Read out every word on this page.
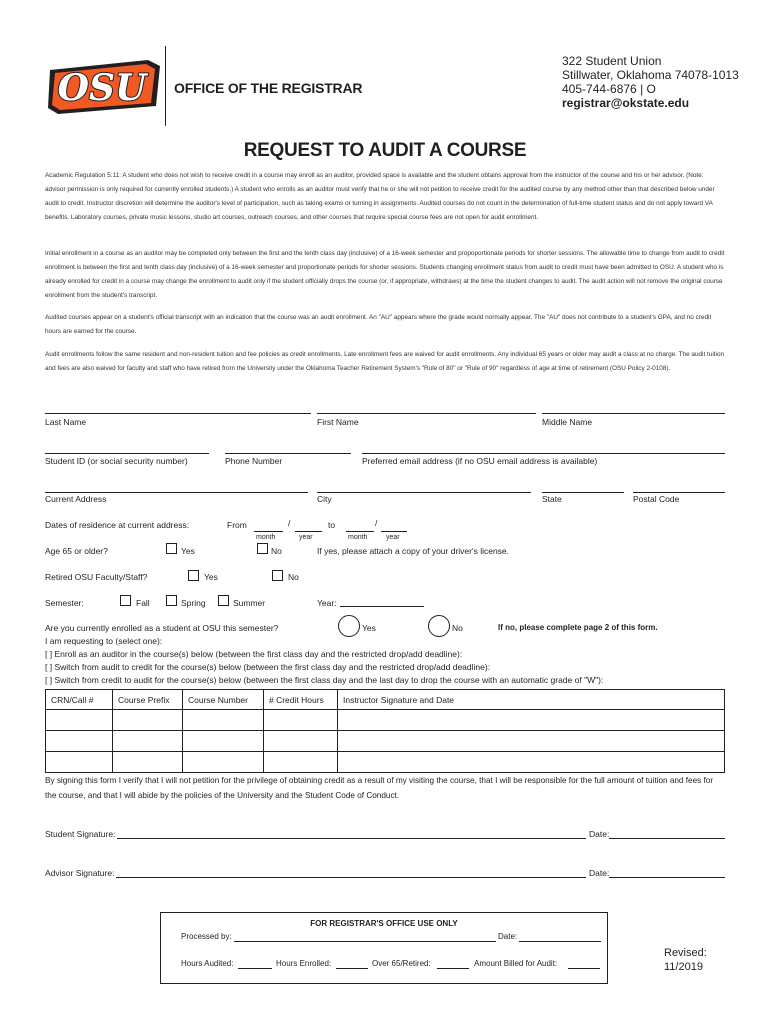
OSU OFFICE OF THE REGISTRAR
322 Student Union
Stillwater, Oklahoma 74078-1013
405-744-6876 | O
registrar@okstate.edu
REQUEST TO AUDIT A COURSE
Academic Regulation 5.11: A student who does not wish to receive credit in a course may enroll as an auditor, provided space is available and the student obtains approval from the instructor of the course and his or her advisor. (Note: advisor permission is only required for currently enrolled students.) A student who enrolls as an auditor must verify that he or she will not petition to receive credit for the audited course by any method other than that described below under audit to credit. Instructor discretion will determine the auditor's level of participation, such as taking exams or turning in assignments. Audited courses do not count in the determination of full-time student status and do not apply toward VA benefits. Laboratory courses, private music lessons, studio art courses, outreach courses, and other courses that require special course fees are not open for audit enrollment.
Initial enrollment in a course as an auditor may be completed only between the first and the tenth class day (inclusive) of a 16-week semester and propoportionate periods for shorter sessions. The allowable time to change from audit to credit enrollment is between the first and tenth class day (inclusive) of a 16-week semester and proportionate periods for shorter sessions. Students changing enrollment status from audit to credit must have been admitted to OSU. A student who is already enrolled for credit in a course may change the enrollment to audit only if the student officially drops the course (or, if appropriate, withdraws) at the time the student changes to audit. The audit action will not remove the original course enrollment from the student's transcript.
Audited courses appear on a student's official transcript with an indication that the course was an audit enrollment. An "AU" appears where the grade would normally appear. The "AU" does not contribute to a student's GPA, and no credit hours are earned for the course.
Audit enrollments follow the same resident and non-resident tuition and fee policies as credit enrollments. Late enrollment fees are waived for audit enrollments. Any individual 65 years or older may audit a class at no charge. The audit tuition and fees are also waived for faculty and staff who have retired from the University under the Oklahoma Teacher Retirement System's "Rule of 80" or "Rule of 90" regardless of age at time of retirement (OSU Policy 2-0108).
Last Name	First Name	Middle Name
Student ID (or social security number)	Phone Number	Preferred email address (if no OSU email address is available)
Current Address	City	State	Postal Code
Dates of residence at current address:	From	/	to	/
month	year	month	year
Age 65 or older?	Yes	No	If yes, please attach a copy of your driver's license.
Retired OSU Faculty/Staff?	Yes	No
Semester:	Fall	Spring	Summer	Year:
Are you currently enrolled as a student at OSU this semester?	Yes	No	If no, please complete page 2 of this form.
I am requesting to (select one):
[ ] Enroll as an auditor in the course(s) below (between the first class day and the restricted drop/add deadline):
[ ] Switch from audit to credit for the course(s) below (between the first class day and the restricted drop/add deadline):
[ ] Switch from credit to audit for the course(s) below (between the first class day and the last day to drop the course with an automatic grade of "W"):
CRN/Call #	Course Prefix	Course Number	# Credit Hours	Instructor Signature and Date

By signing this form I verify that I will not petition for the privilege of obtaining credit as a result of my visiting the course, that I will be responsible for the full amount of tuition and fees for the course, and that I will abide by the policies of the University and the Student Code of Conduct.
Student Signature:	Date:
Advisor Signature:	Date:
FOR REGISTRAR'S OFFICE USE ONLY
Processed by:	Date:
Hours Audited:	Hours Enrolled:	Over 65/Retired:	Amount Billed for Audit:
Revised:
11/2019
